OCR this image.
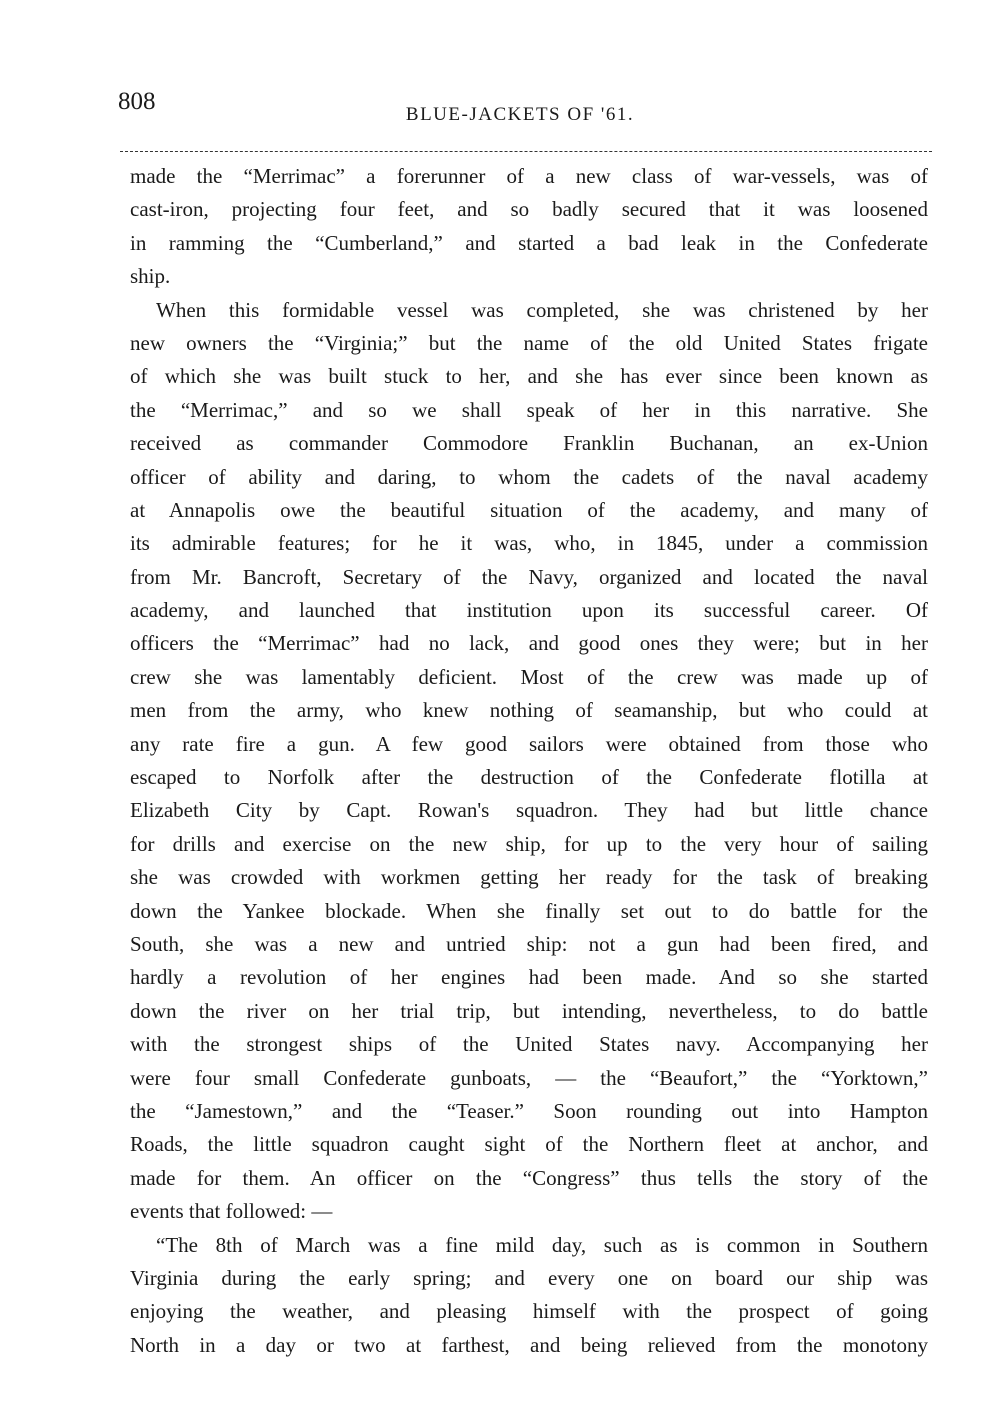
808	BLUE-JACKETS OF '61.
made the “Merrimac” a forerunner of a new class of war-vessels, was of
cast-iron, projecting four feet, and so badly secured that it was loosened
in ramming the “Cumberland,” and started a bad leak in the Confederate
ship.
When this formidable vessel was completed, she was christened by her
new owners the “Virginia;” but the name of the old United States frigate
of which she was built stuck to her, and she has ever since been known as
the “Merrimac,” and so we shall speak of her in this narrative. She
received as commander Commodore Franklin Buchanan, an ex-Union
officer of ability and daring, to whom the cadets of the naval academy
at Annapolis owe the beautiful situation of the academy, and many of
its admirable features; for he it was, who, in 1845, under a commission
from Mr. Bancroft, Secretary of the Navy, organized and located the naval
academy, and launched that institution upon its successful career. Of
officers the “Merrimac” had no lack, and good ones they were; but in her
crew she was lamentably deficient. Most of the crew was made up of
men from the army, who knew nothing of seamanship, but who could at
any rate fire a gun. A few good sailors were obtained from those who
escaped to Norfolk after the destruction of the Confederate flotilla at
Elizabeth City by Capt. Rowan's squadron. They had but little chance
for drills and exercise on the new ship, for up to the very hour of sailing
she was crowded with workmen getting her ready for the task of breaking
down the Yankee blockade. When she finally set out to do battle for the
South, she was a new and untried ship: not a gun had been fired, and
hardly a revolution of her engines had been made. And so she started
down the river on her trial trip, but intending, nevertheless, to do battle
with the strongest ships of the United States navy. Accompanying her
were four small Confederate gunboats, — the “Beaufort,” the “Yorktown,”
the “Jamestown,” and the “Teaser.” Soon rounding out into Hampton
Roads, the little squadron caught sight of the Northern fleet at anchor, and
made for them. An officer on the “Congress” thus tells the story of the
events that followed: —
“The 8th of March was a fine mild day, such as is common in Southern
Virginia during the early spring; and every one on board our ship was
enjoying the weather, and pleasing himself with the prospect of going
North in a day or two at farthest, and being relieved from the monotony
